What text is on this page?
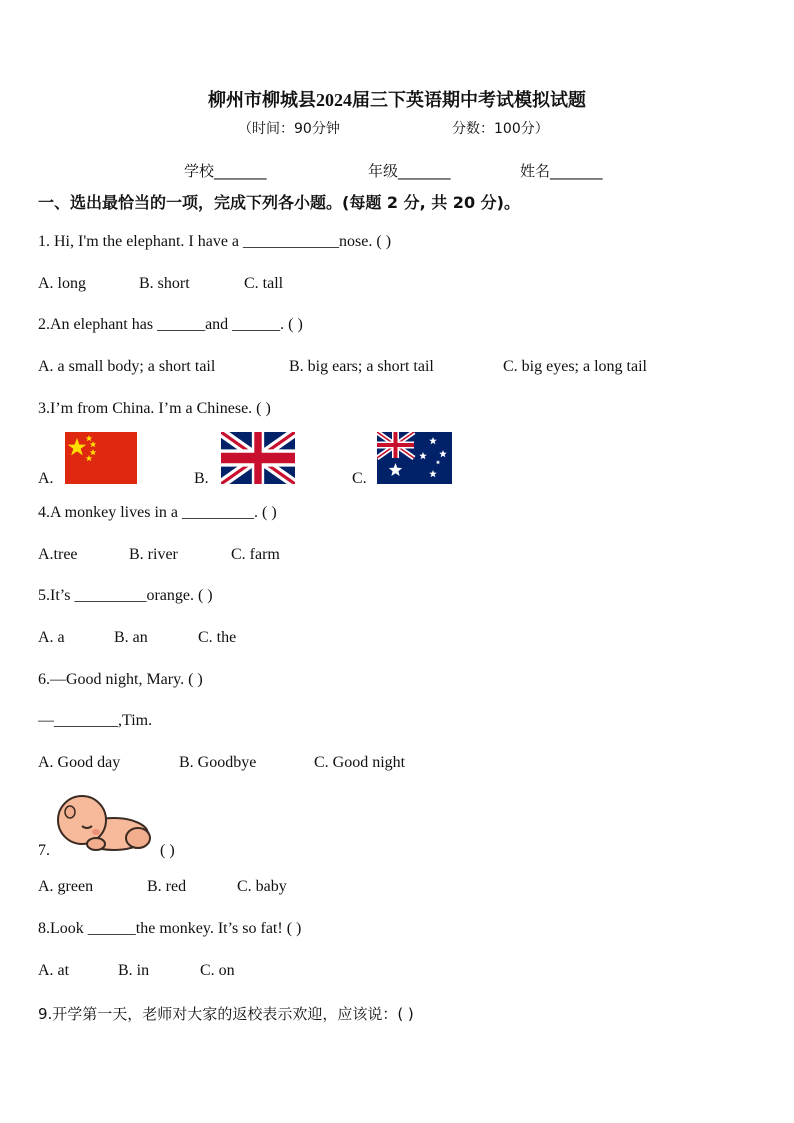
柳州市柳城县2024届三下英语期中考试模拟试题
（时间：90分钟	分数：100分）
学校_______	年级_______	姓名_______
一、选出最恰当的一项，完成下列各小题。(每题 2 分, 共 20 分)。
1. Hi, I'm the elephant. I have a ____________nose. ( )
A. long	B. short	C. tall
2.An elephant has ______and ______. ( )
A. a small body; a short tail	B. big ears; a short tail	C. big eyes; a long tail
3.I’m from China. I’m a Chinese. ( )
A.	B.	C.
4.A monkey lives in a _________. ( )
A.tree	B. river	C. farm
5.It’s _________orange. ( )
A. a	B. an	C. the
6.—Good night, Mary. ( )
—________,Tim.
A. Good day	B. Goodbye	C. Good night
7.	( )
A. green	B. red	C. baby
8.Look ______the monkey. It’s so fat! ( )
A. at	B. in	C. on
9.开学第一天，老师对大家的返校表示欢迎，应该说：( )
